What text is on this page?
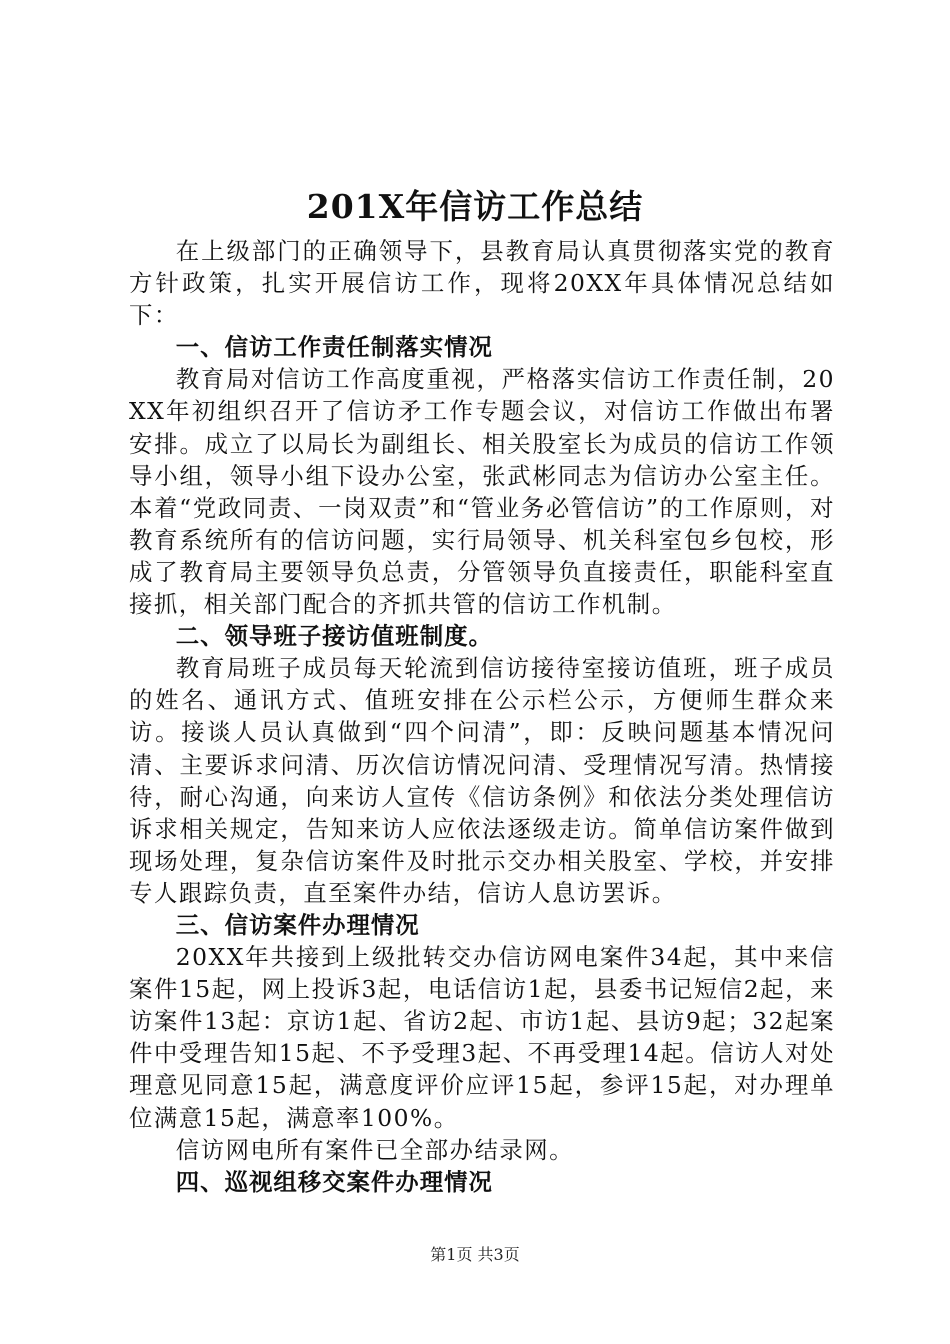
201X年信访工作总结

在上级部门的正确领导下，县教育局认真贯彻落实党的教育方针政策，扎实开展信访工作，现将20XX年具体情况总结如下：

一、信访工作责任制落实情况

教育局对信访工作高度重视，严格落实信访工作责任制，20XX年初组织召开了信访矛工作专题会议，对信访工作做出布署安排。成立了以局长为副组长、相关股室长为成员的信访工作领导小组，领导小组下设办公室，张武彬同志为信访办公室主任。本着“党政同责、一岗双责”和“管业务必管信访”的工作原则，对教育系统所有的信访问题，实行局领导、机关科室包乡包校，形成了教育局主要领导负总责，分管领导负直接责任，职能科室直接抓，相关部门配合的齐抓共管的信访工作机制。

二、领导班子接访值班制度。

教育局班子成员每天轮流到信访接待室接访值班，班子成员的姓名、通讯方式、值班安排在公示栏公示，方便师生群众来访。接谈人员认真做到“四个问清”，即：反映问题基本情况问清、主要诉求问清、历次信访情况问清、受理情况写清。热情接待，耐心沟通，向来访人宣传《信访条例》和依法分类处理信访诉求相关规定，告知来访人应依法逐级走访。简单信访案件做到现场处理，复杂信访案件及时批示交办相关股室、学校，并安排专人跟踪负责，直至案件办结，信访人息访罢诉。

三、信访案件办理情况

20XX年共接到上级批转交办信访网电案件34起，其中来信案件15起，网上投诉3起，电话信访1起，县委书记短信2起，来访案件13起：京访1起、省访2起、市访1起、县访9起；32起案件中受理告知15起、不予受理3起、不再受理14起。信访人对处理意见同意15起，满意度评价应评15起，参评15起，对办理单位满意15起，满意率100%。

信访网电所有案件已全部办结录网。

四、巡视组移交案件办理情况

第1页 共3页
